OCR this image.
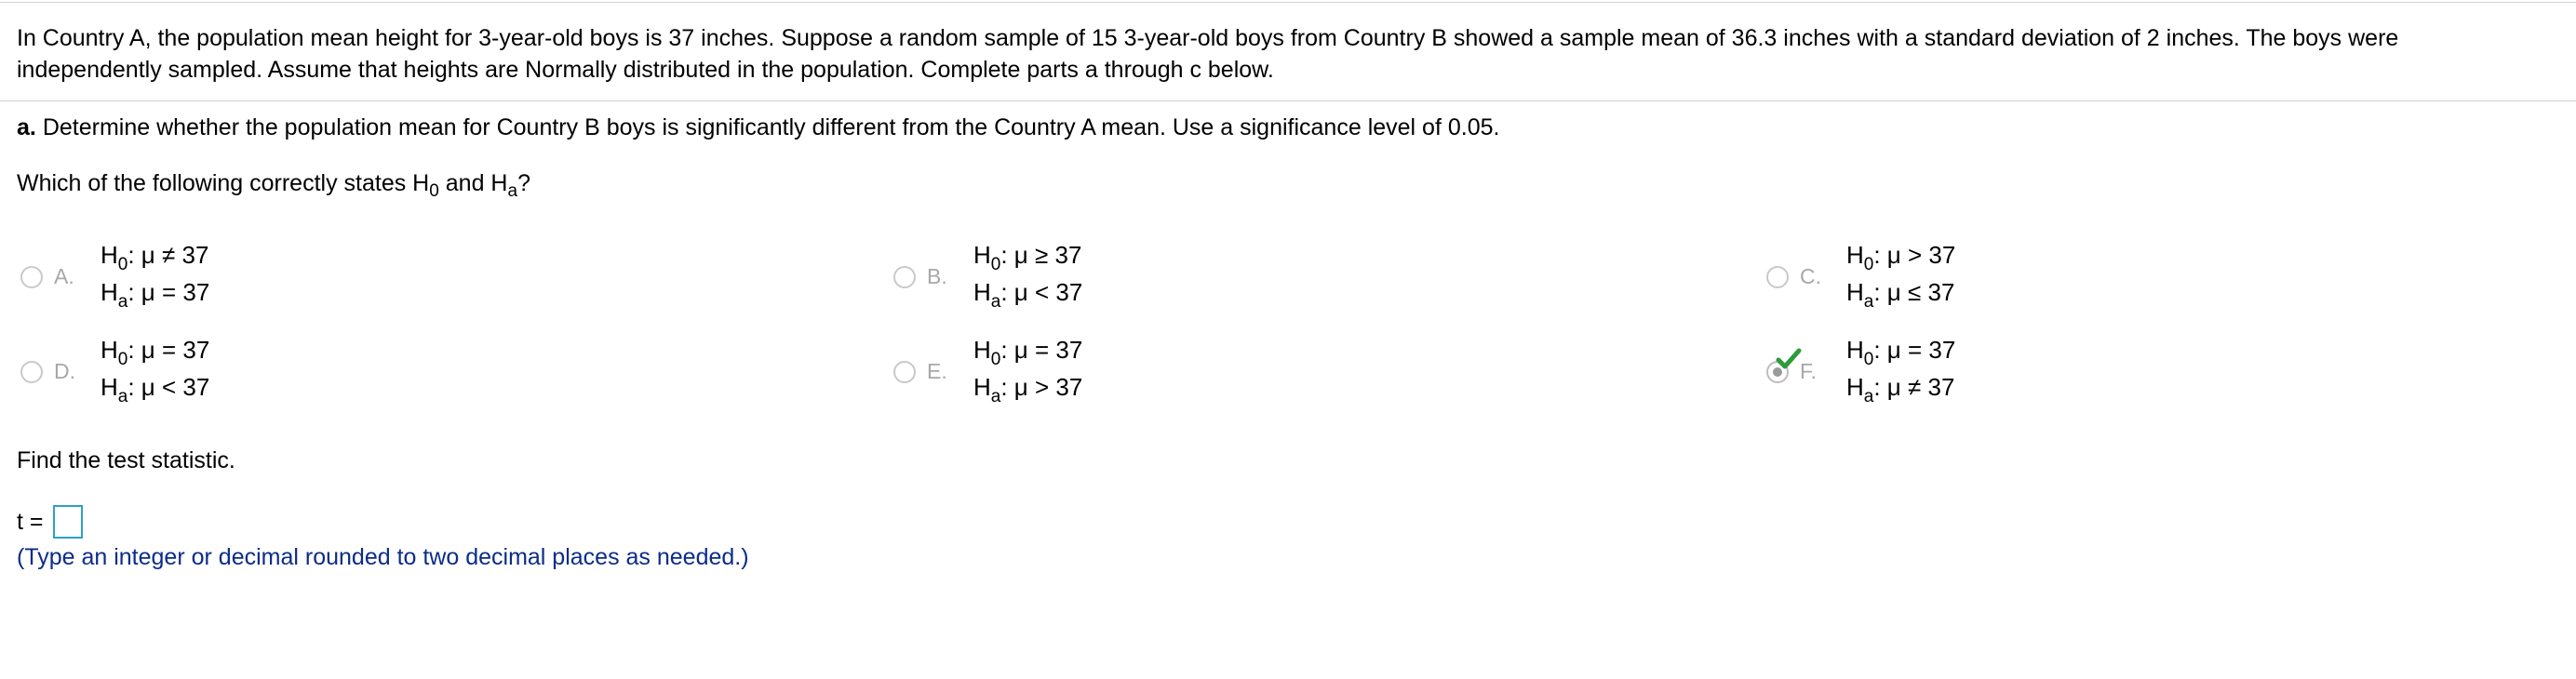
In Country A, the population mean height for 3-year-old boys is 37 inches. Suppose a random sample of 15 3-year-old boys from Country B showed a sample mean of 36.3 inches with a standard deviation of 2 inches. The boys were independently sampled. Assume that heights are Normally distributed in the population. Complete parts a through c below.
a. Determine whether the population mean for Country B boys is significantly different from the Country A mean. Use a significance level of 0.05.
Which of the following correctly states $H_0$ and $H_a$?
A.
$H_0$: μ ≠ 37
$H_a$: μ = 37
B.
$H_0$: μ ≥ 37
$H_a$: μ < 37
C.
$H_0$: μ > 37
$H_a$: μ ≤ 37
D.
$H_0$: μ = 37
$H_a$: μ < 37
E.
$H_0$: μ = 37
$H_a$: μ > 37
F.
$H_0$: μ = 37
$H_a$: μ ≠ 37
Find the test statistic.
t =
(Type an integer or decimal rounded to two decimal places as needed.)
